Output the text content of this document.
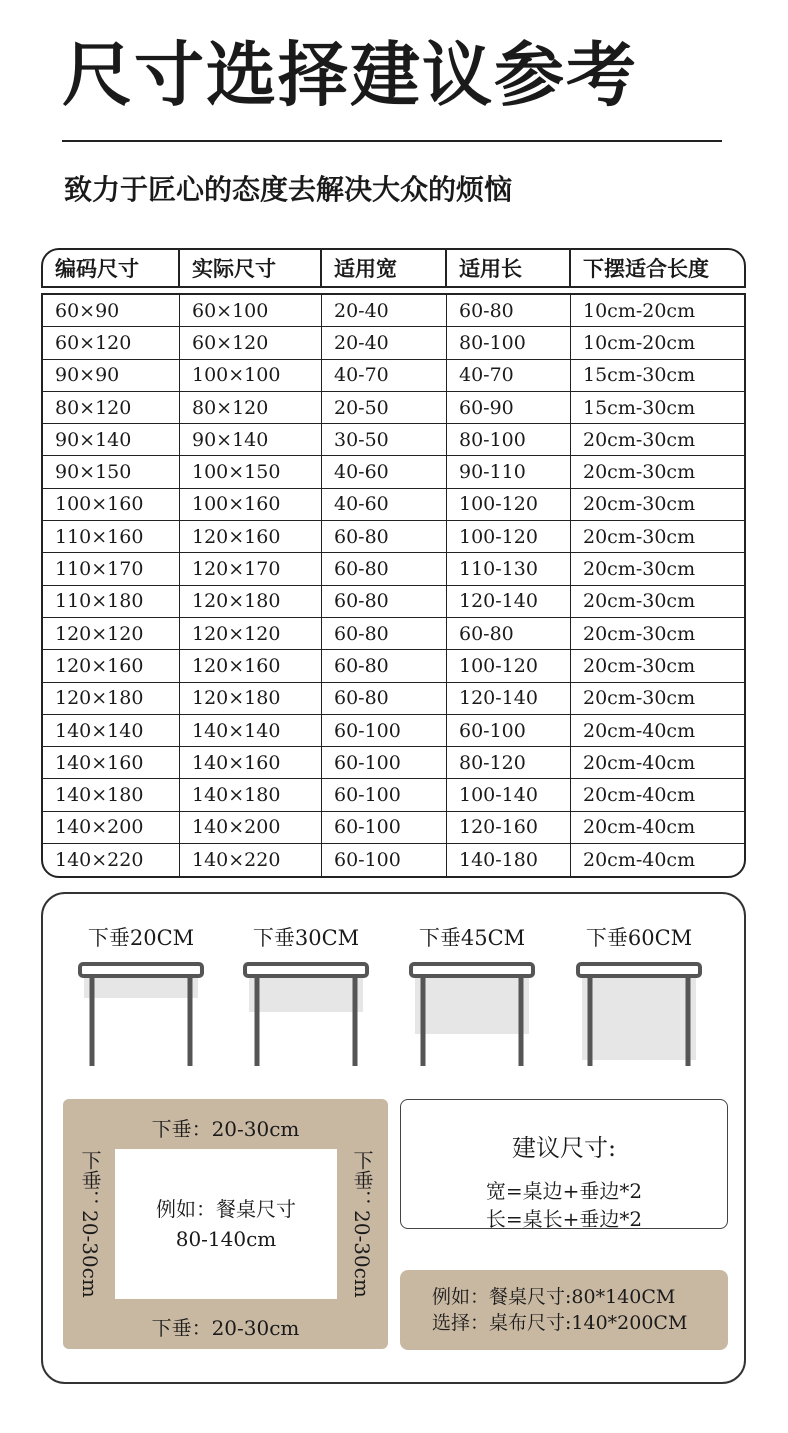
尺寸选择建议参考
致力于匠心的态度去解决大众的烦恼
编码尺寸	实际尺寸	适用宽	适用长	下摆适合长度
60×90	60×100	20-40	60-80	10cm-20cm
60×120	60×120	20-40	80-100	10cm-20cm
90×90	100×100	40-70	40-70	15cm-30cm
80×120	80×120	20-50	60-90	15cm-30cm
90×140	90×140	30-50	80-100	20cm-30cm
90×150	100×150	40-60	90-110	20cm-30cm
100×160	100×160	40-60	100-120	20cm-30cm
110×160	120×160	60-80	100-120	20cm-30cm
110×170	120×170	60-80	110-130	20cm-30cm
110×180	120×180	60-80	120-140	20cm-30cm
120×120	120×120	60-80	60-80	20cm-30cm
120×160	120×160	60-80	100-120	20cm-30cm
120×180	120×180	60-80	120-140	20cm-30cm
140×140	140×140	60-100	60-100	20cm-40cm
140×160	140×160	60-100	80-120	20cm-40cm
140×180	140×180	60-100	100-140	20cm-40cm
140×200	140×200	60-100	120-160	20cm-40cm
140×220	140×220	60-100	140-180	20cm-40cm
下垂20CM	下垂30CM	下垂45CM	下垂60CM
下垂：20-30cm
下垂：20-30cm
下垂：20-30cm	下垂：20-30cm
例如：餐桌尺寸
80-140cm
建议尺寸:
宽=桌边+垂边*2
长=桌长+垂边*2
例如：餐桌尺寸:80*140CM
选择：桌布尺寸:140*200CM
